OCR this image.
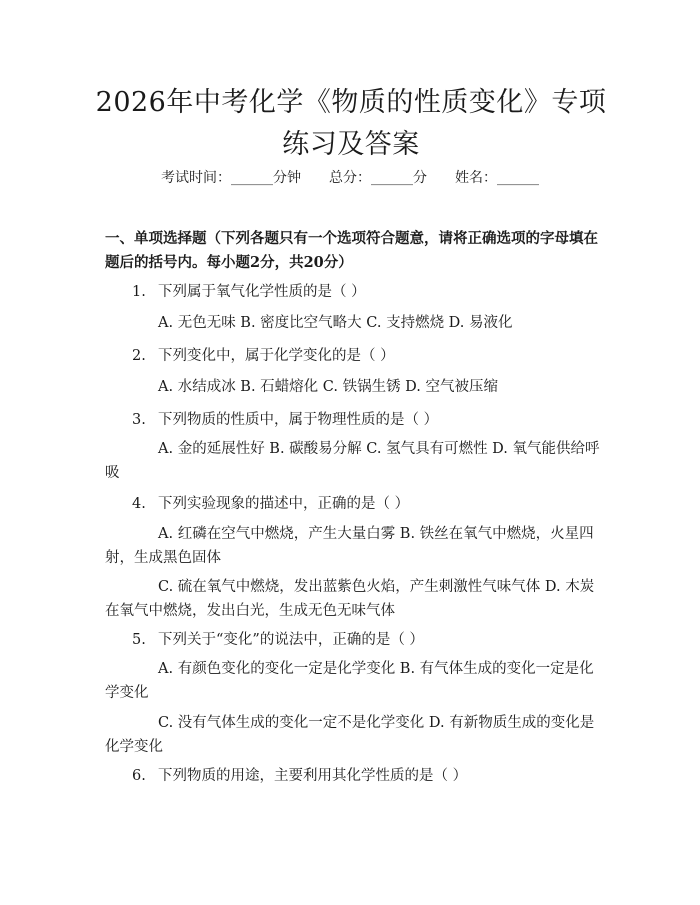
2026年中考化学《物质的性质变化》专项练习及答案
考试时间：______分钟 总分：______分 姓名：______
一、单项选择题（下列各题只有一个选项符合题意，请将正确选项的字母填在题后的括号内。每小题2分，共20分）
1. 下列属于氧气化学性质的是（ ）
A. 无色无味 B. 密度比空气略大 C. 支持燃烧 D. 易液化
2. 下列变化中，属于化学变化的是（ ）
A. 水结成冰 B. 石蜡熔化 C. 铁锅生锈 D. 空气被压缩
3. 下列物质的性质中，属于物理性质的是（ ）
A. 金的延展性好 B. 碳酸易分解 C. 氢气具有可燃性 D. 氧气能供给呼吸
4. 下列实验现象的描述中，正确的是（ ）
A. 红磷在空气中燃烧，产生大量白雾 B. 铁丝在氧气中燃烧，火星四射，生成黑色固体
C. 硫在氧气中燃烧，发出蓝紫色火焰，产生刺激性气味气体 D. 木炭在氧气中燃烧，发出白光，生成无色无味气体
5. 下列关于“变化”的说法中，正确的是（ ）
A. 有颜色变化的变化一定是化学变化 B. 有气体生成的变化一定是化学变化
C. 没有气体生成的变化一定不是化学变化 D. 有新物质生成的变化是化学变化
6. 下列物质的用途，主要利用其化学性质的是（ ）
